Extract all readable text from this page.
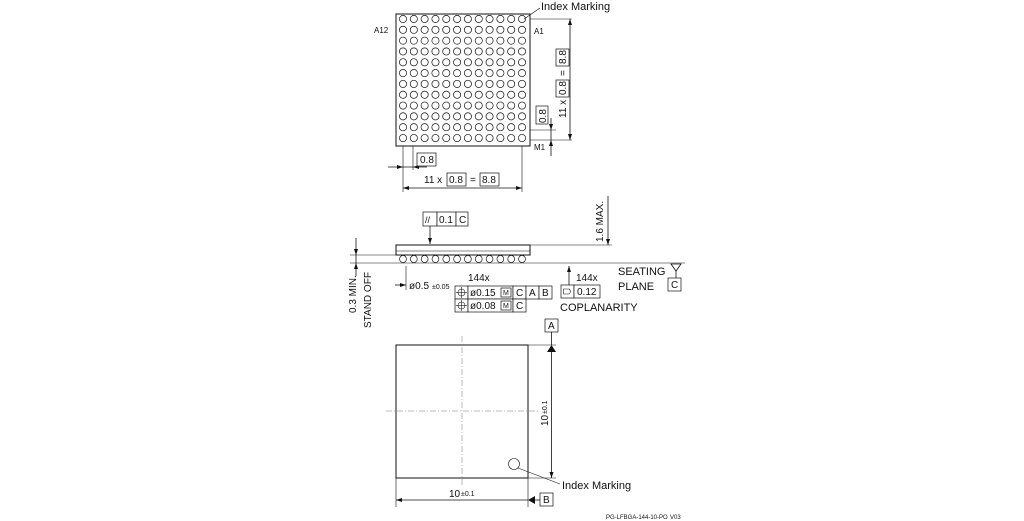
Index Marking
A12	A1
M1
0.8 11 x
0.8
=
8.8
0.8
11 x 0.8 = 8.8
// 0.1 C	1.6 MAX.
0.3 MIN. STAND OFF	ø0.5 ±0.05
144x
ø0.15 M C A B
ø0.08 M C
144x
0.12
COPLANARITY
SEATING
PLANE C
Index Marking
A
10
±0.1
10 ±0.1
B
PG-LFBGA-144-10-PO V03
